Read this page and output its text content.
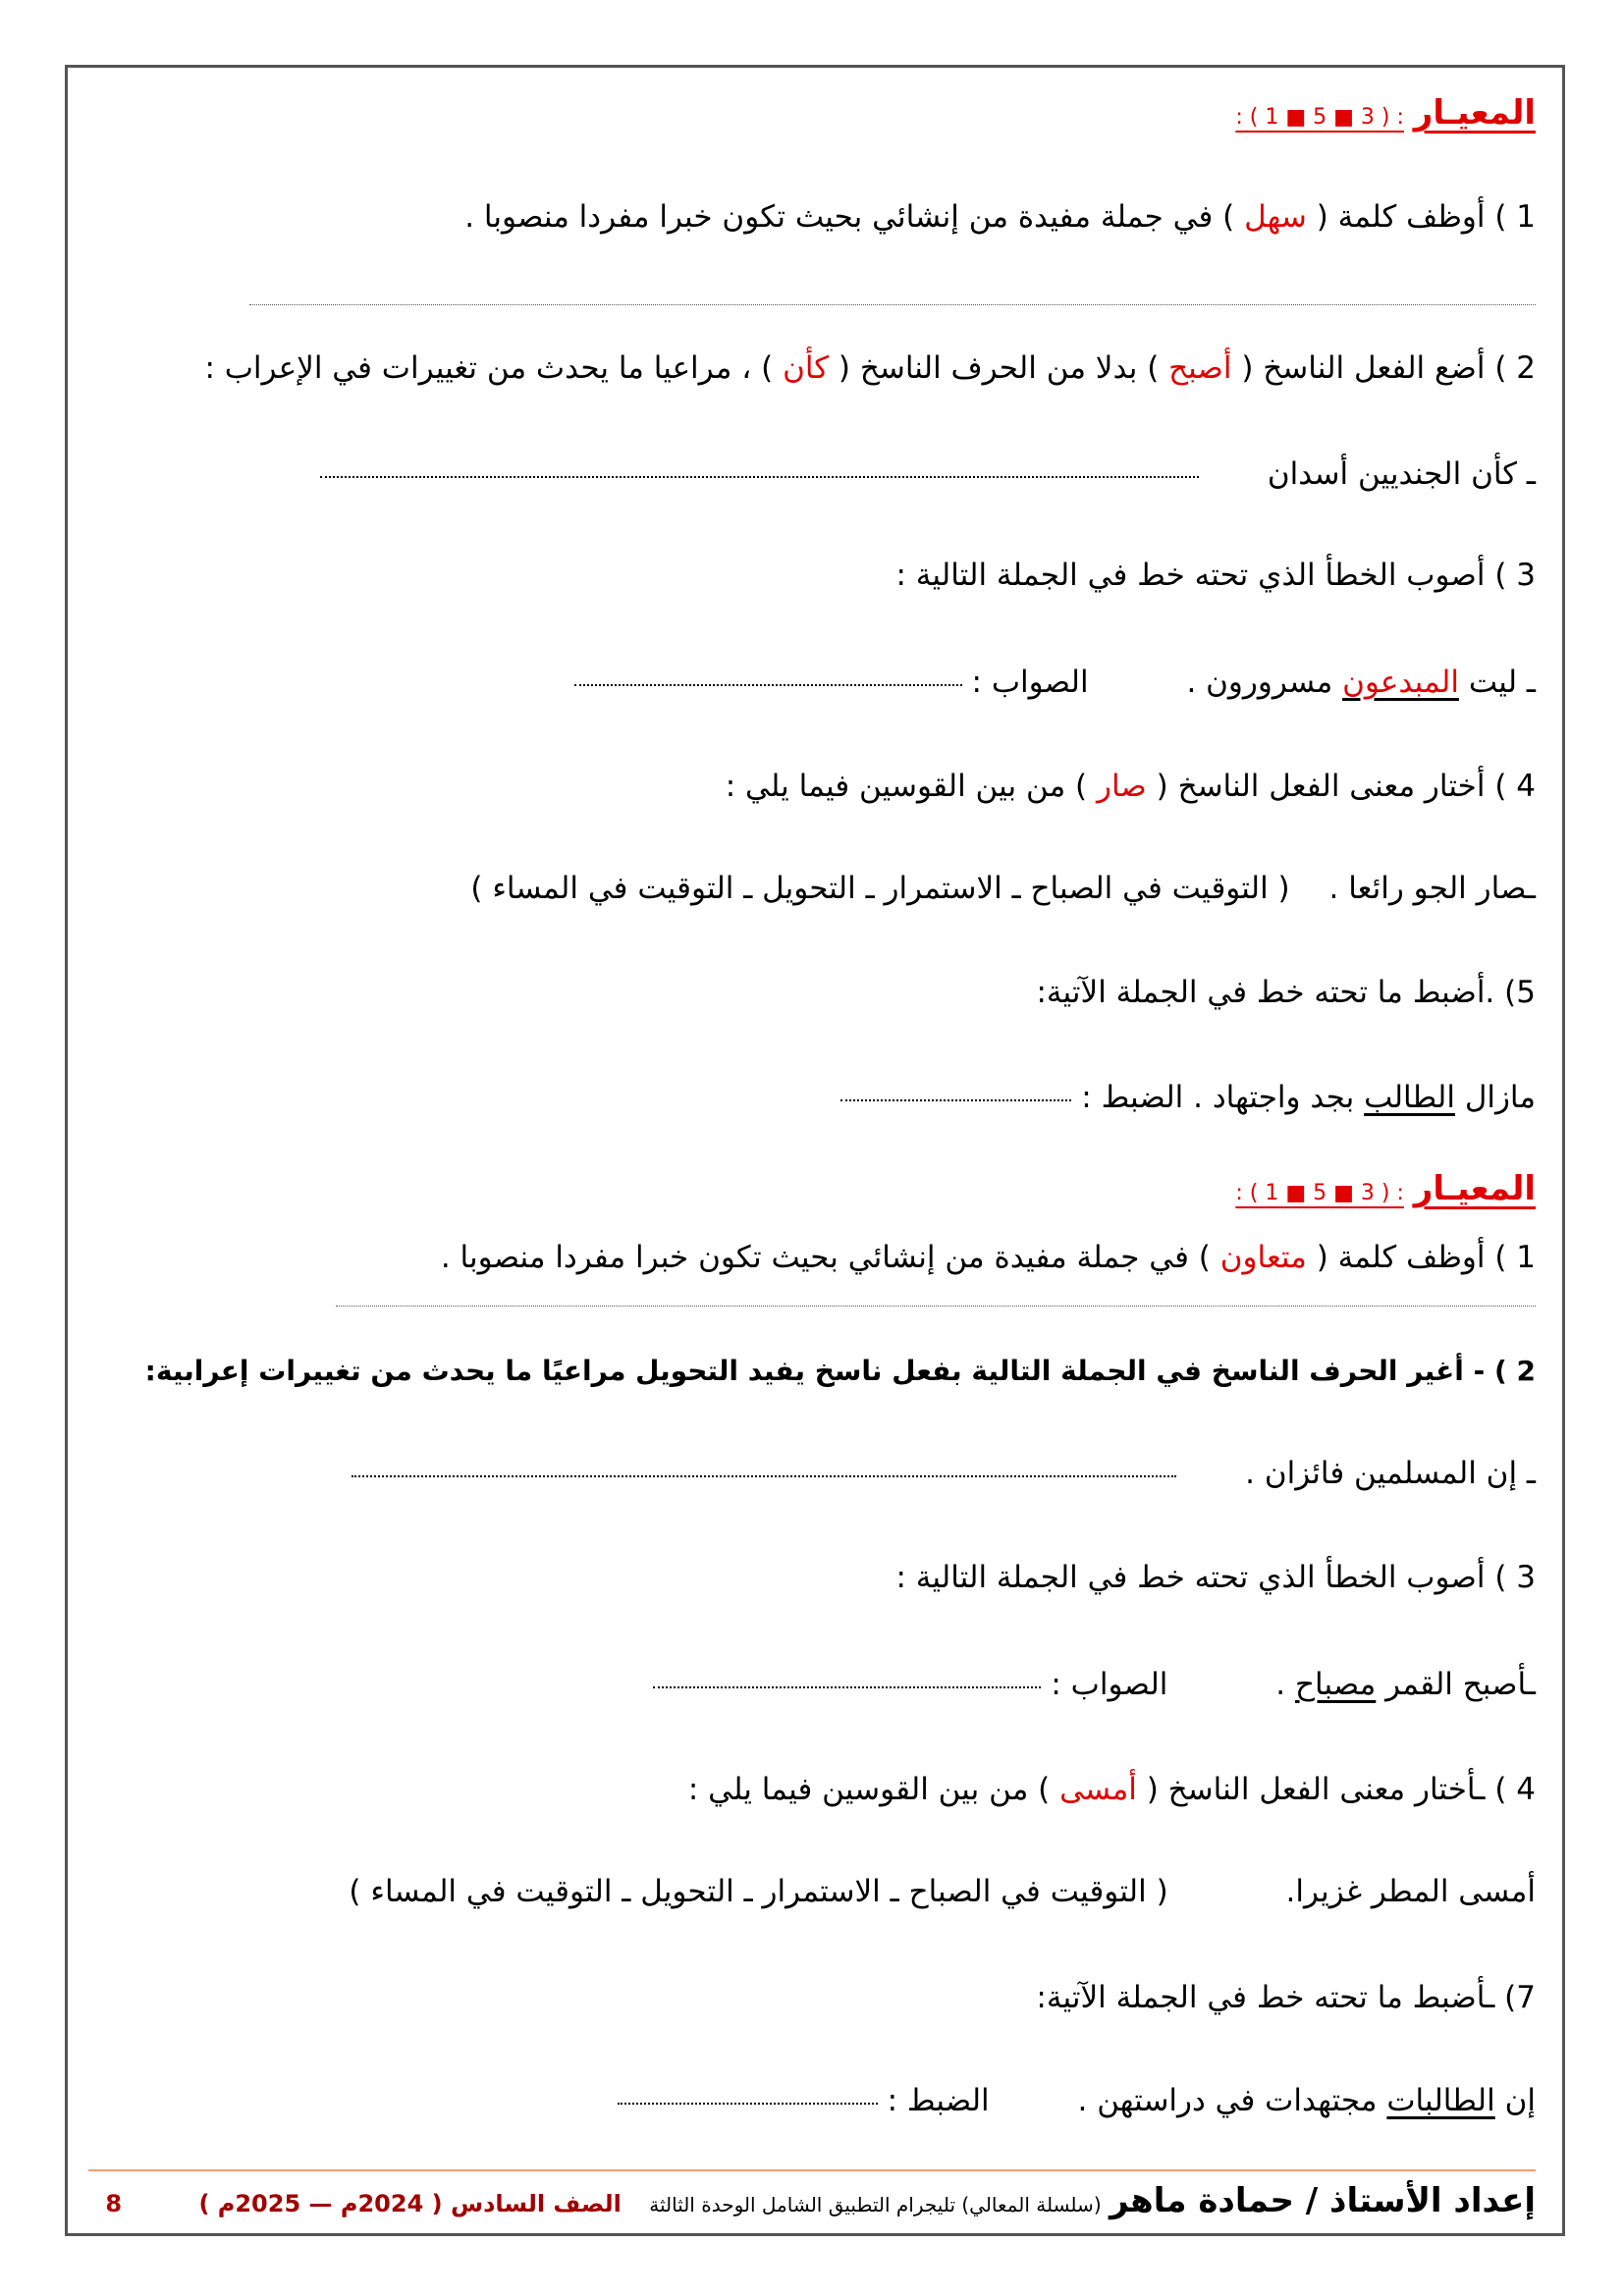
المعيـار : ( 3 ■ 5 ■ 1 ) :
1 ) أوظف كلمة ( سهل ) في جملة مفيدة من إنشائي بحيث تكون خبرا مفردا منصوبا .
2 ) أضع الفعل الناسخ ( أصبح ) بدلا من الحرف الناسخ ( كأن ) ، مراعيا ما يحدث من تغييرات في الإعراب :
ـ كأن الجنديين أسدان
3 ) أصوب الخطأ الذي تحته خط في الجملة التالية :
ـ ليت المبدعون مسرورون . الصواب :
4 ) أختار معنى الفعل الناسخ ( صار ) من بين القوسين فيما يلي :
ـصار الجو رائعا . ( التوقيت في الصباح ـ الاستمرار ـ التحويل ـ التوقيت في المساء )
5) .أضبط ما تحته خط في الجملة الآتية:
مازال الطالب بجد واجتهاد . الضبط :
المعيـار : ( 3 ■ 5 ■ 1 ) :
1 ) أوظف كلمة ( متعاون ) في جملة مفيدة من إنشائي بحيث تكون خبرا مفردا منصوبا .
2 ) - أغير الحرف الناسخ في الجملة التالية بفعل ناسخ يفيد التحويل مراعيًا ما يحدث من تغييرات إعرابية:
ـ إن المسلمين فائزان .
3 ) أصوب الخطأ الذي تحته خط في الجملة التالية :
ـأصبح القمر مصباح . الصواب :
4 ) ـأختار معنى الفعل الناسخ ( أمسى ) من بين القوسين فيما يلي :
أمسى المطر غزيرا. ( التوقيت في الصباح ـ الاستمرار ـ التحويل ـ التوقيت في المساء )
7) ـأضبط ما تحته خط في الجملة الآتية:
إن الطالبات مجتهدات في دراستهن . الضبط :
إعداد الأستاذ / حمادة ماهر (سلسلة المعالي) تليجرام التطبيق الشامل الوحدة الثالثة الصف السادس ( 2024م — 2025م ) 8
